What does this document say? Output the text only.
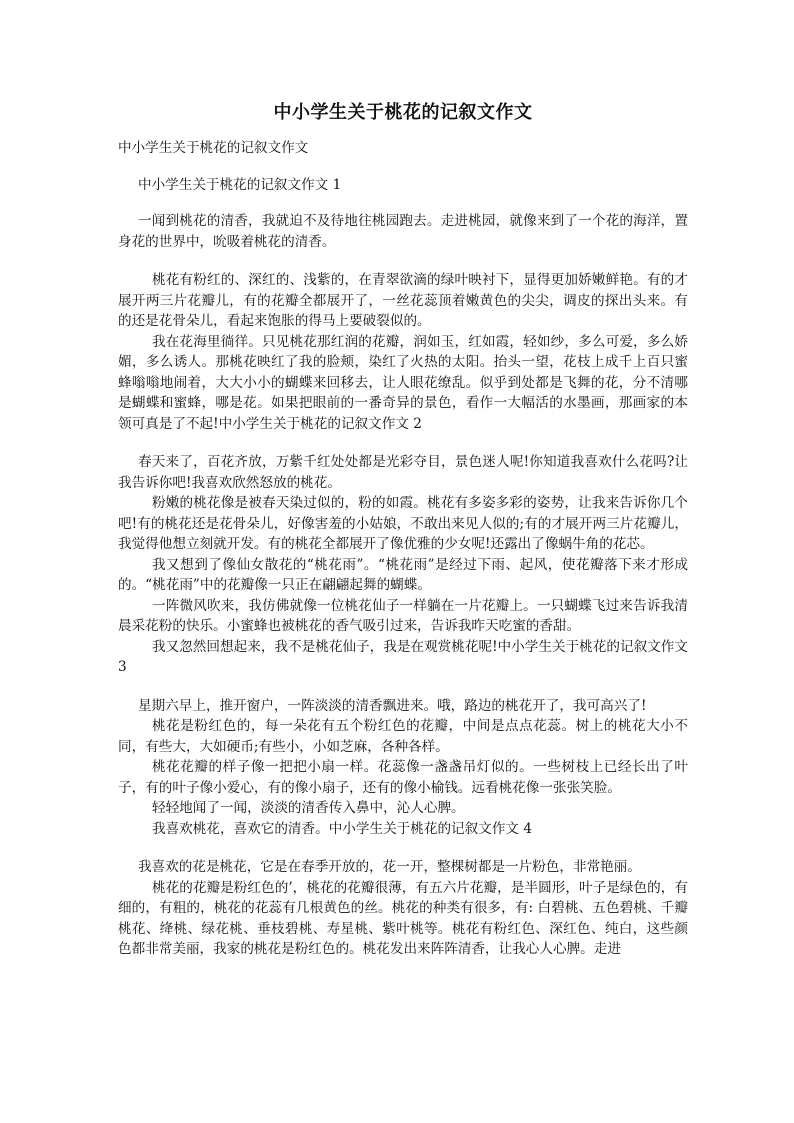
中小学生关于桃花的记叙文作文

中小学生关于桃花的记叙文作文

中小学生关于桃花的记叙文作文 1

一闻到桃花的清香，我就迫不及待地往桃园跑去。走进桃园，就像来到了一个花的海洋，置身花的世界中，吮吸着桃花的清香。

桃花有粉红的、深红的、浅紫的，在青翠欲滴的绿叶映衬下，显得更加娇嫩鲜艳。有的才展开两三片花瓣儿，有的花瓣全都展开了，一丝花蕊顶着嫩黄色的尖尖，调皮的探出头来。有的还是花骨朵儿，看起来饱胀的得马上要破裂似的。

我在花海里徜徉。只见桃花那红润的花瓣，润如玉，红如霞，轻如纱，多么可爱，多么娇媚，多么诱人。那桃花映红了我的脸颊，染红了火热的太阳。抬头一望，花枝上成千上百只蜜蜂嗡嗡地闹着，大大小小的蝴蝶来回移去，让人眼花缭乱。似乎到处都是飞舞的花，分不清哪是蝴蝶和蜜蜂，哪是花。如果把眼前的一番奇异的景色，看作一大幅活的水墨画，那画家的本领可真是了不起!中小学生关于桃花的记叙文作文 2

春天来了，百花齐放，万紫千红处处都是光彩夺目，景色迷人呢!你知道我喜欢什么花吗?让我告诉你吧!我喜欢欣然怒放的桃花。

粉嫩的桃花像是被春天染过似的，粉的如霞。桃花有多姿多彩的姿势，让我来告诉你几个吧!有的桃花还是花骨朵儿，好像害羞的小姑娘，不敢出来见人似的;有的才展开两三片花瓣儿，我觉得他想立刻就开发。有的桃花全都展开了像优雅的少女呢!还露出了像蜗牛角的花芯。

我又想到了像仙女散花的“桃花雨”。“桃花雨”是经过下雨、起风，使花瓣落下来才形成的。“桃花雨”中的花瓣像一只正在翩翩起舞的蝴蝶。

一阵微风吹来，我仿佛就像一位桃花仙子一样躺在一片花瓣上。一只蝴蝶飞过来告诉我清晨采花粉的快乐。小蜜蜂也被桃花的香气吸引过来，告诉我昨天吃蜜的香甜。

我又忽然回想起来，我不是桃花仙子，我是在观赏桃花呢!中小学生关于桃花的记叙文作文 3

星期六早上，推开窗户，一阵淡淡的清香飘进来。哦，路边的桃花开了，我可高兴了!

桃花是粉红色的，每一朵花有五个粉红色的花瓣，中间是点点花蕊。树上的桃花大小不同，有些大，大如硬币;有些小，小如芝麻，各种各样。

桃花花瓣的样子像一把把小扇一样。花蕊像一盏盏吊灯似的。一些树枝上已经长出了叶子，有的叶子像小爱心，有的像小扇子，还有的像小榆钱。远看桃花像一张张笑脸。

轻轻地闻了一闻，淡淡的清香传入鼻中，沁人心脾。

我喜欢桃花，喜欢它的清香。中小学生关于桃花的记叙文作文 4

我喜欢的花是桃花，它是在春季开放的，花一开，整棵树都是一片粉色，非常艳丽。

桃花的花瓣是粉红色的’，桃花的花瓣很薄，有五六片花瓣，是半圆形，叶子是绿色的，有细的，有粗的，桃花的花蕊有几根黄色的丝。桃花的种类有很多，有: 白碧桃、五色碧桃、千瓣桃花、绛桃、绿花桃、垂枝碧桃、寿星桃、紫叶桃等。桃花有粉红色、深红色、纯白，这些颜色都非常美丽，我家的桃花是粉红色的。桃花发出来阵阵清香，让我心人心脾。走进
